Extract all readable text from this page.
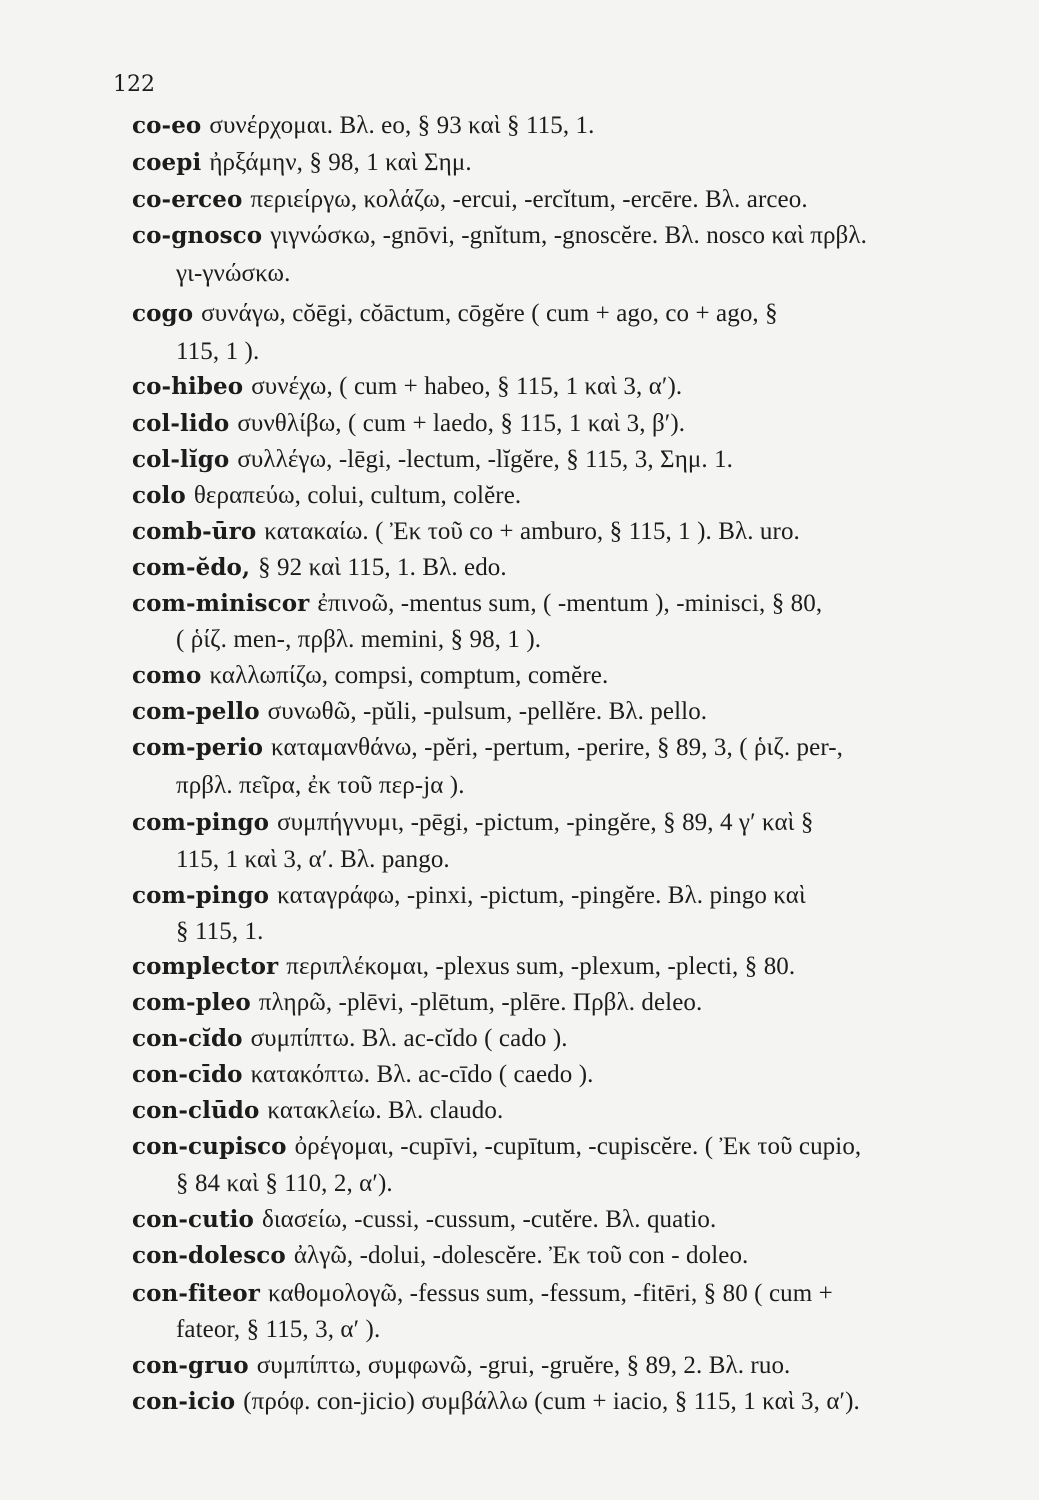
122
co-eo συνέρχομαι. Βλ. eo, § 93 καὶ § 115, 1.
coepi ἠρξάμην, § 98, 1 καὶ Σημ.
co-erceo περιείργω, κολάζω, -ercui, -ercĭtum, -ercēre. Βλ. arceo.
co-gnosco γιγνώσκω, -gnōvi, -gnĭtum, -gnoscĕre. Βλ. nosco καὶ πρβλ.
γι-γνώσκω.
cogo συνάγω, cŏēgi, cŏāctum, cōgĕre ( cum + ago, co + ago, §
115, 1 ).
co-hibeo συνέχω, ( cum + habeo, § 115, 1 καὶ 3, α′).
col-lido συνθλίβω, ( cum + laedo, § 115, 1 καὶ 3, β′).
col-lĭgo συλλέγω, -lēgi, -lectum, -lĭgĕre, § 115, 3, Σημ. 1.
colo θεραπεύω, colui, cultum, colĕre.
comb-ūro κατακαίω. ( Ἐκ τοῦ co + amburo, § 115, 1 ). Βλ. uro.
com-ĕdo, § 92 καὶ 115, 1. Βλ. edo.
com-miniscor ἐπινοῶ, -mentus sum, ( -mentum ), -minisci, § 80,
( ῥίζ. men-, πρβλ. memini, § 98, 1 ).
como καλλωπίζω, compsi, comptum, comĕre.
com-pello συνωθῶ, -pŭli, -pulsum, -pellĕre. Βλ. pello.
com-perio καταμανθάνω, -pĕri, -pertum, -perire, § 89, 3, ( ῥιζ. per-,
πρβλ. πεῖρα, ἐκ τοῦ περ-jα ).
com-pingo συμπήγνυμι, -pēgi, -pictum, -pingĕre, § 89, 4 γ′ καὶ §
115, 1 καὶ 3, α′. Βλ. pango.
com-pingo καταγράφω, -pinxi, -pictum, -pingĕre. Βλ. pingo καὶ
§ 115, 1.
complector περιπλέκομαι, -plexus sum, -plexum, -plecti, § 80.
com-pleo πληρῶ, -plēvi, -plētum, -plēre. Πρβλ. deleo.
con-cĭdo συμπίπτω. Βλ. ac-cĭdo ( cado ).
con-cīdo κατακόπτω. Βλ. ac-cīdo ( caedo ).
con-clūdo κατακλείω. Βλ. claudo.
con-cupisco ὀρέγομαι, -cupīvi, -cupītum, -cupiscĕre. ( Ἐκ τοῦ cupio,
§ 84 καὶ § 110, 2, α′).
con-cutio διασείω, -cussi, -cussum, -cutĕre. Βλ. quatio.
con-dolesco ἀλγῶ, -dolui, -dolescĕre. Ἐκ τοῦ con - doleo.
con-fiteor καθομολογῶ, -fessus sum, -fessum, -fitēri, § 80 ( cum +
fateor, § 115, 3, α′ ).
con-gruo συμπίπτω, συμφωνῶ, -grui, -gruĕre, § 89, 2. Βλ. ruo.
con-icio (πρόφ. con-jicio) συμβάλλω (cum + iacio, § 115, 1 καὶ 3, α′).
